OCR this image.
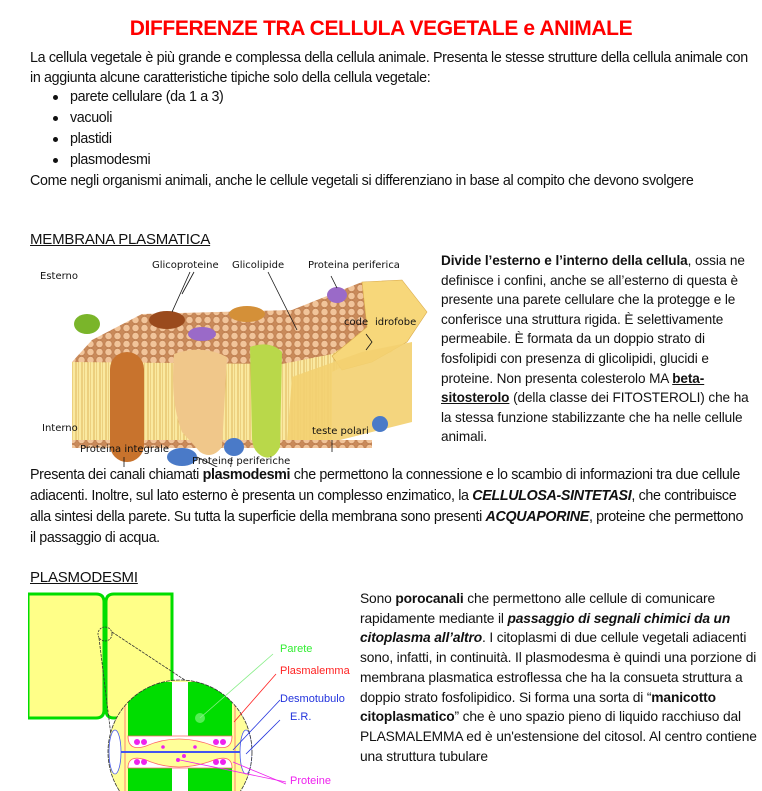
DIFFERENZE TRA CELLULA VEGETALE e ANIMALE
La cellula vegetale è più grande e complessa della cellula animale. Presenta le stesse strutture della cellula animale con in aggiunta alcune caratteristiche tipiche solo della cellula vegetale:
parete cellulare (da 1 a 3)
vacuoli
plastidi
plasmodesmi
Come negli organismi animali, anche le cellule vegetali si differenziano in base al compito che devono svolgere
MEMBRANA PLASMATICA
Esterno
Glicoproteine Glicolipide Proteina periferica
code idrofobe
Interno	teste polari
Proteina integrale
Proteine periferiche
Divide l’esterno e l’interno della cellula, ossia ne definisce i confini, anche se all’esterno di questa è presente una parete cellulare che la protegge e le conferisce una struttura rigida. È selettivamente permeabile. È formata da un doppio strato di fosfolipidi con presenza di glicolipidi, glucidi e proteine. Non presenta colesterolo MA beta-sitosterolo (della classe dei FITOSTEROLI) che ha la stessa funzione stabilizzante che ha nelle cellule animali.
Presenta dei canali chiamati plasmodesmi che permettono la connessione e lo scambio di informazioni tra due cellule adiacenti. Inoltre, sul lato esterno è presenta un complesso enzimatico, la CELLULOSA-SINTETASI, che contribuisce alla sintesi della parete. Su tutta la superficie della membrana sono presenti ACQUAPORINE, proteine che permettono il passaggio di acqua.
PLASMODESMI
Parete
Plasmalemma
Desmotubulo
E.R.
Proteine
Sono porocanali che permettono alle cellule di comunicare rapidamente mediante il passaggio di segnali chimici da un citoplasma all’altro. I citoplasmi di due cellule vegetali adiacenti sono, infatti, in continuità. Il plasmodesma è quindi una porzione di membrana plasmatica estroflessa che ha la consueta struttura a doppio strato fosfolipidico. Si forma una sorta di “manicotto citoplasmatico” che è uno spazio pieno di liquido racchiuso dal PLASMALEMMA ed è un'estensione del citosol. Al centro contiene una struttura tubulare
